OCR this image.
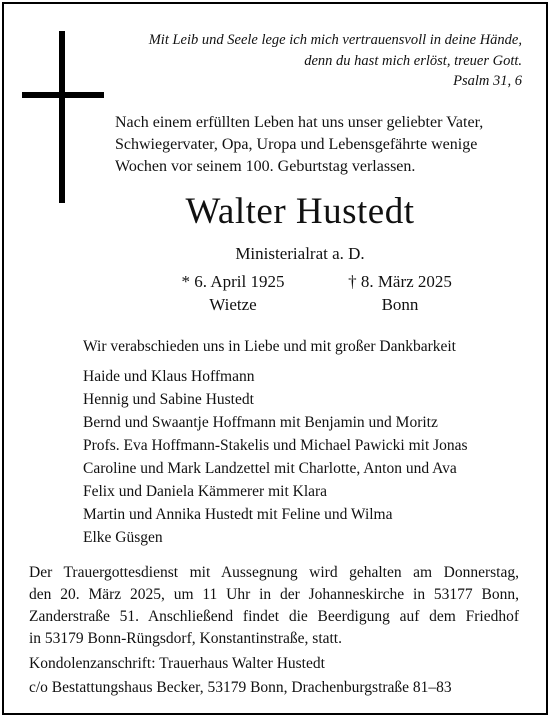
Mit Leib und Seele lege ich mich vertrauensvoll in deine Hände,
denn du hast mich erlöst, treuer Gott.
Psalm 31, 6
Nach einem erfüllten Leben hat uns unser geliebter Vater,
Schwiegervater, Opa, Uropa und Lebensgefährte wenige
Wochen vor seinem 100. Geburtstag verlassen.
Walter Hustedt
Ministerialrat a. D.
* 6. April 1925
Wietze
† 8. März 2025
Bonn
Wir verabschieden uns in Liebe und mit großer Dankbarkeit
Haide und Klaus Hoffmann
Hennig und Sabine Hustedt
Bernd und Swaantje Hoffmann mit Benjamin und Moritz
Profs. Eva Hoffmann-Stakelis und Michael Pawicki mit Jonas
Caroline und Mark Landzettel mit Charlotte, Anton und Ava
Felix und Daniela Kämmerer mit Klara
Martin und Annika Hustedt mit Feline und Wilma
Elke Güsgen
Der Trauergottesdienst mit Aussegnung wird gehalten am Donnerstag,
den 20. März 2025, um 11 Uhr in der Johanneskirche in 53177 Bonn,
Zanderstraße 51. Anschließend findet die Beerdigung auf dem Friedhof
in 53179 Bonn-Rüngsdorf, Konstantinstraße, statt.
Kondolenzanschrift: Trauerhaus Walter Hustedt
c/o Bestattungshaus Becker, 53179 Bonn, Drachenburgstraße 81–83
